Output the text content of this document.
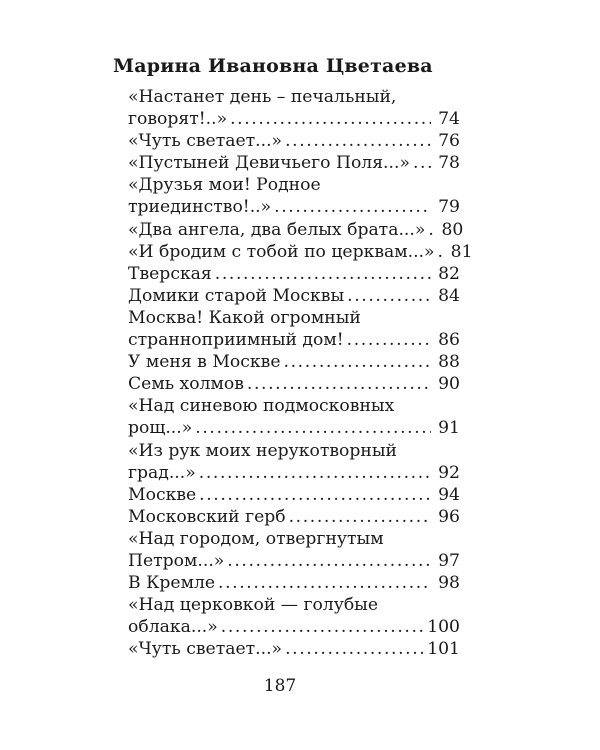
Марина Ивановна Цветаева
«Настанет день – печальный,
говорят!..» .....	74
«Чуть светает...» .....	76
«Пустыней Девичьего Поля...» ..... 78
«Друзья мои! Родное
триединство!..» .....	79
«Два ангела, два белых брата...» ..... 80
«И бродим с тобой по церквам...» ..... 81
Тверская .....	82
Домики старой Москвы .....	84
Москва! Какой огромный
странноприимный дом! .....	86
У меня в Москве .....	88
Семь холмов .....	90
«Над синевою подмосковных
рощ...» .....	91
«Из рук моих нерукотворный
град...» .....	92
Москве .....	94
Московский герб .....	96
«Над городом, отвергнутым
Петром...» .....	97
В Кремле .....	98
«Над церковкой — голубые
облака...» .....	100
«Чуть светает...» .....	101
187
